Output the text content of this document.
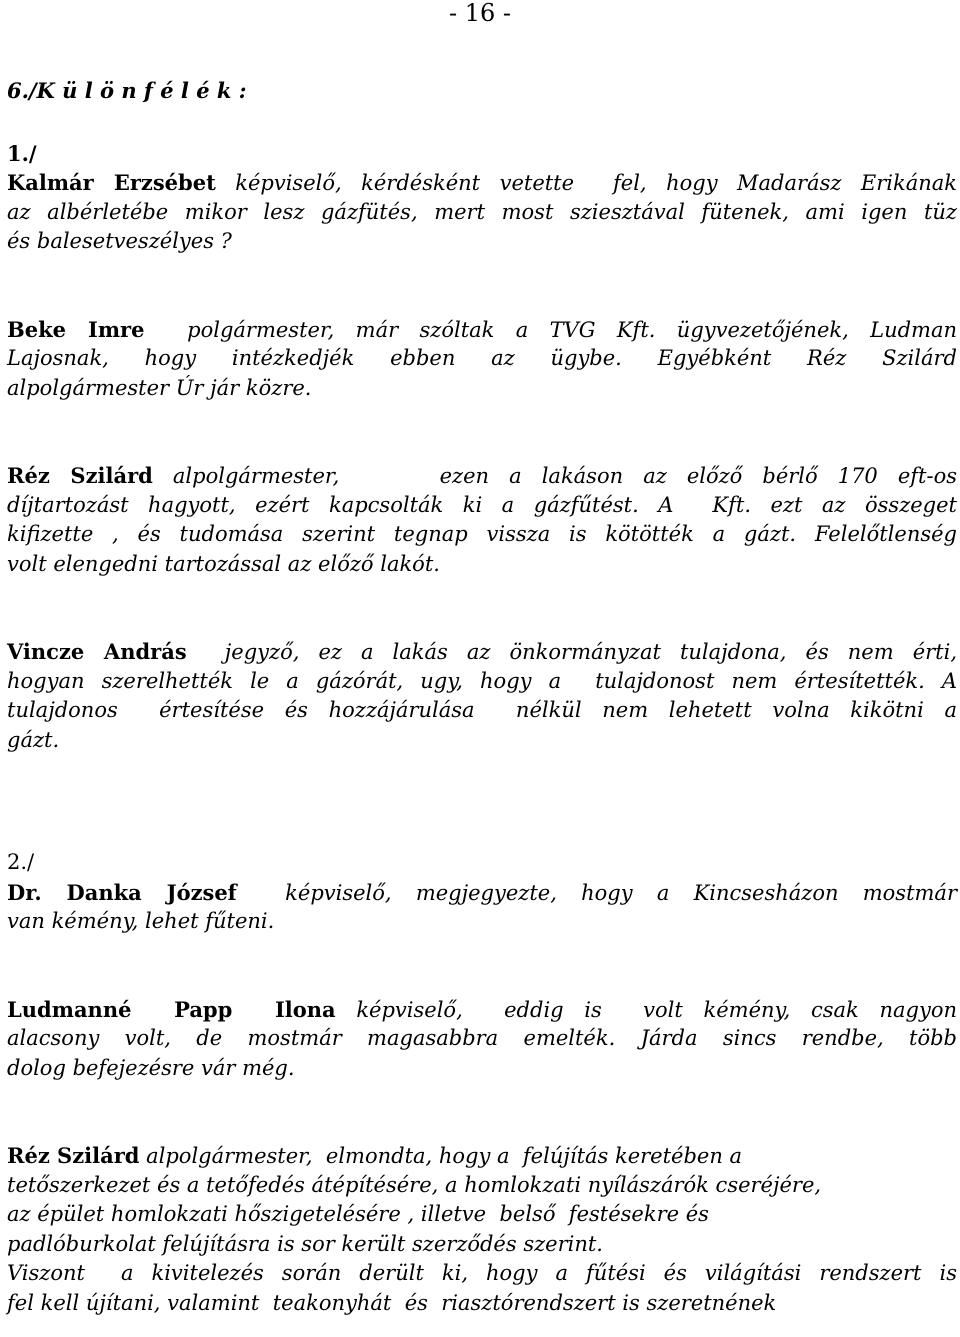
- 16 -
6./K ü l ö n f é l é k :
1./
Kalmár Erzsébet képviselő, kérdésként vetette  fel, hogy Madarász Erikának
az albérletébe mikor lesz gázfütés, mert most sziesztával fütenek, ami igen tüz
és balesetveszélyes ?
Beke Imre  polgármester, már szóltak a TVG Kft. ügyvezetőjének, Ludman
Lajosnak, hogy intézkedjék ebben az ügybe. Egyébként Réz Szilárd
alpolgármester Úr jár közre.
Réz Szilárd alpolgármester,     ezen a lakáson az előző bérlő 170 eft-os
díjtartozást hagyott, ezért kapcsolták ki a gázfűtést. A  Kft. ezt az összeget
kifizette , és tudomása szerint tegnap vissza is kötötték a gázt. Felelőtlenség
volt elengedni tartozással az előző lakót.
Vincze András  jegyző, ez a lakás az önkormányzat tulajdona, és nem érti,
hogyan szerelhették le a gázórát, ugy, hogy a  tulajdonost nem értesítették. A
tulajdonos  értesítése és hozzájárulása  nélkül nem lehetett volna kikötni a
gázt.
2./
Dr. Danka József  képviselő, megjegyezte, hogy a Kincsesházon mostmár
van kémény, lehet fűteni.
Ludmanné  Papp  Ilona képviselő,  eddig is  volt kémény, csak nagyon
alacsony volt, de mostmár magasabbra emelték. Járda sincs rendbe, több
dolog befejezésre vár még.
Réz Szilárd alpolgármester,  elmondta, hogy a  felújítás keretében a
tetőszerkezet és a tetőfedés átépítésére, a homlokzati nyílászárók cseréjére,
az épület homlokzati hőszigetelésére , illetve  belső  festésekre és
padlóburkolat felújításra is sor került szerződés szerint.
Viszont  a kivitelezés során derült ki, hogy a fűtési és világítási rendszert is
fel kell újítani, valamint  teakonyhát  és  riasztórendszert is szeretnének
